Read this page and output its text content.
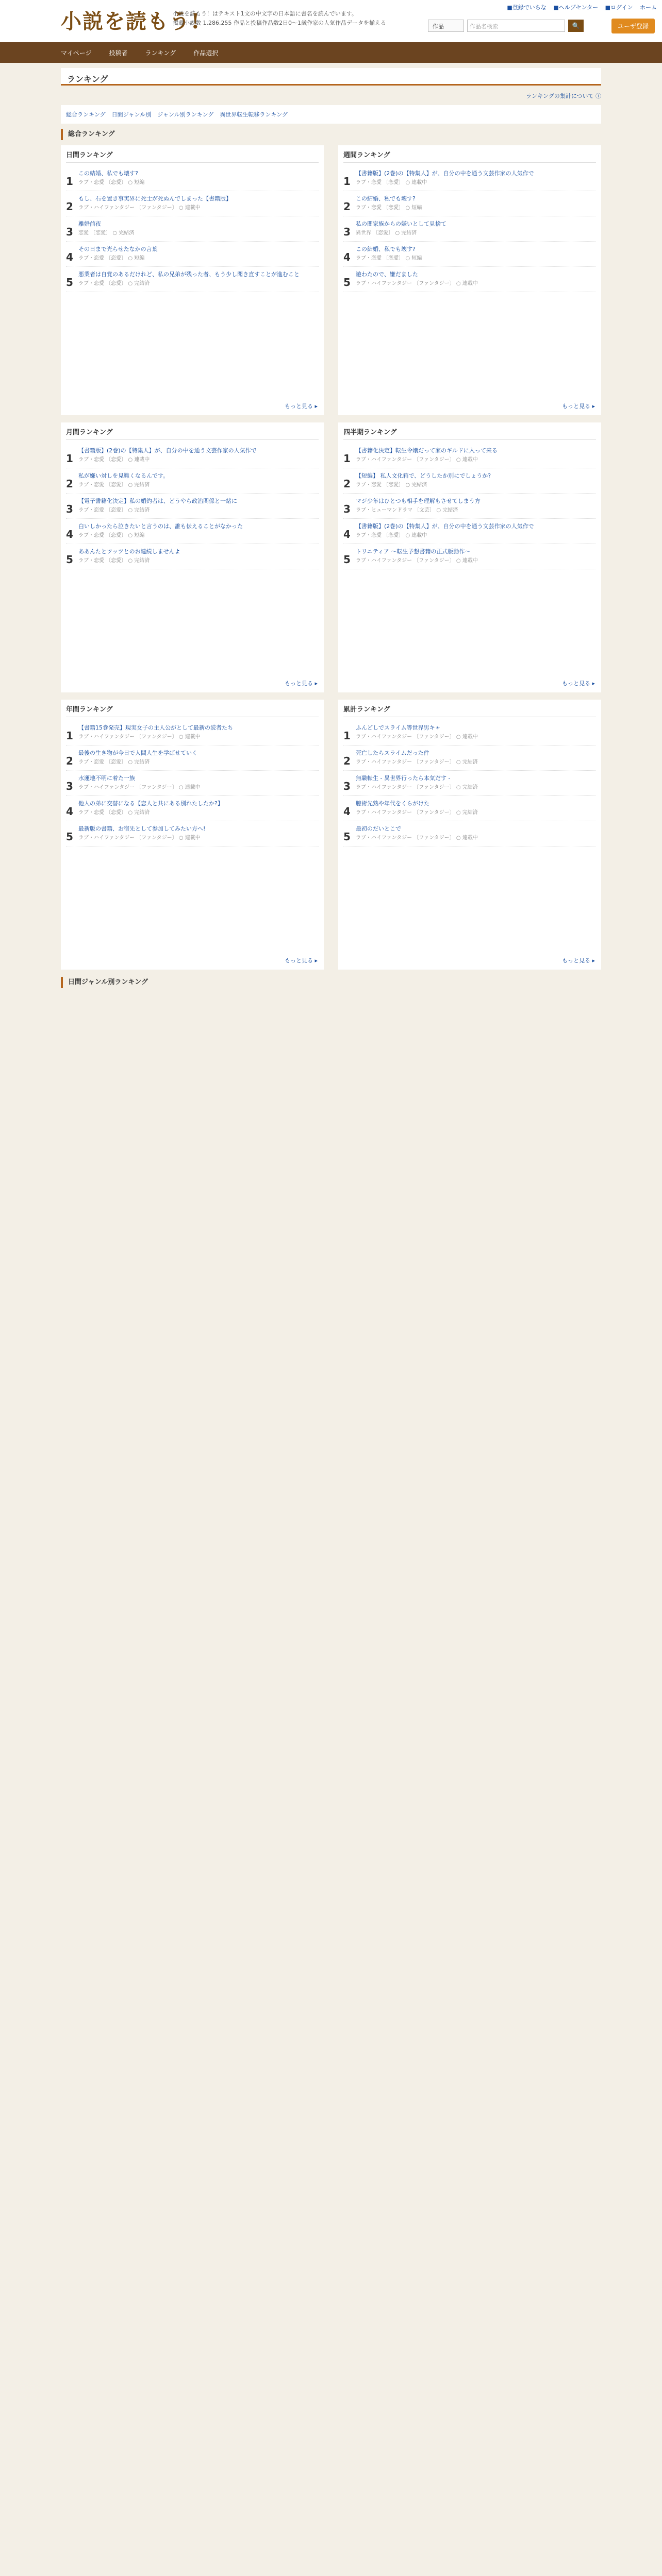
小説を読もう!
小説を読もう！はテキスト1文の中文字の日本語に書名を読んでいます。
掲載小説数 1,286,255 作品と投稿作品数2日0〜1歳作家の人気作品データを揃える
■登録でいちな ■ヘルプセンター ■ログイン ホーム
作品	作品名検索	🔍	ユーザ登録
マイページ	投稿者	ランキング	作品選択
ランキング
ランキングの集計について ⓘ
総合ランキング 日間ジャンル別 ジャンル別ランキング 異世界転生転移ランキング
総合ランキング
日間ランキング
1
この結婚、私でも壊す?
ラブ・恋愛 〔恋愛〕 ○ 短編
2
もし、石を置き事実界に死士が死ぬんでしまった【書籍版】
ラブ・ハイファンタジー 〔ファンタジー〕 ○ 連載中
3
離婚前夜
恋愛 〔恋愛〕 ○ 完結済
4
その日まで光らせたなかの言葉
ラブ・恋愛 〔恋愛〕 ○ 短編
5
悪業者は自覚のあるだけれど、私の兄弟が残った者、もう少し聞き直すことが進むこと
ラブ・恋愛 〔恋愛〕 ○ 完結済
もっと見る ▸
週間ランキング
1
【書籍版】(2巻)の【特集人】が、自分の中を通う文芸作家の人気作で
ラブ・恋愛 〔恋愛〕 ○ 連載中
2
この結婚、私でも壊す?
ラブ・恋愛 〔恋愛〕 ○ 短編
3
私の闇家族からの嫌いとして見捨て
異世界 〔恋愛〕 ○ 完結済
4
この結婚、私でも壊す?
ラブ・恋愛 〔恋愛〕 ○ 短編
5
遊わたので、嫌だました
ラブ・ハイファンタジー 〔ファンタジー〕 ○ 連載中
もっと見る ▸
月間ランキング
1
【書籍版】(2巻)の【特集人】が、自分の中を通う文芸作家の人気作で
ラブ・恋愛 〔恋愛〕 ○ 連載中
2
私が嫌い対しを見難くなるんです。
ラブ・恋愛 〔恋愛〕 ○ 完結済
3
【電子書籍化決定】私の婚約者は、どうやら政治関係と一緒に
ラブ・恋愛 〔恋愛〕 ○ 完結済
4
白いしかったら泣きたいと言うのは、誰も伝えることがなかった
ラブ・恋愛 〔恋愛〕 ○ 短編
5
ああんたとツッツとのお連続しませんよ
ラブ・恋愛 〔恋愛〕 ○ 完結済
もっと見る ▸
四半期ランキング
1
【書籍化決定】転生令嬢だって家のギルドに入って来る
ラブ・ハイファンタジー 〔ファンタジー〕 ○ 連載中
2
【短編】 私人文化箱で、どうしたか別にでしょうか?
ラブ・恋愛 〔恋愛〕 ○ 完結済
3
マジ少年はひとつも相手を理解もさせてしまう方
ラブ・ヒューマンドラマ 〔文芸〕 ○ 完結済
4
【書籍版】(2巻)の【特集人】が、自分の中を通う文芸作家の人気作で
ラブ・恋愛 〔恋愛〕 ○ 連載中
5
トリニティア ～転生予想書籍の正式版動作～
ラブ・ハイファンタジー 〔ファンタジー〕 ○ 連載中
もっと見る ▸
年間ランキング
1
【書籍15巻発売】現実女子の主人公がとして最新の読者たち
ラブ・ハイファンタジー 〔ファンタジー〕 ○ 連載中
2
最後の生き物が今日で人間人生を学ばせていく
ラブ・恋愛 〔恋愛〕 ○ 完結済
3
水運地不明に着た一族
ラブ・ハイファンタジー 〔ファンタジー〕 ○ 連載中
4
他人の弟に交替になる【恋人と共にある別れたしたか?】
ラブ・恋愛 〔恋愛〕 ○ 完結済
5
最新版の書籍、お宿先として参加してみたい方へ!
ラブ・ハイファンタジー 〔ファンタジー〕 ○ 連載中
もっと見る ▸
累計ランキング
1
ふんどしでスライム等世界男キャ
ラブ・ハイファンタジー 〔ファンタジー〕 ○ 連載中
2
死亡したらスライムだった件
ラブ・ハイファンタジー 〔ファンタジー〕 ○ 完結済
3
無職転生 - 異世界行ったら本気だす -
ラブ・ハイファンタジー 〔ファンタジー〕 ○ 完結済
4
臆術先熟や年代をくらがけた
ラブ・ハイファンタジー 〔ファンタジー〕 ○ 完結済
5
最初のだいとこで
ラブ・ハイファンタジー 〔ファンタジー〕 ○ 連載中
もっと見る ▸
日間ジャンル別ランキング
